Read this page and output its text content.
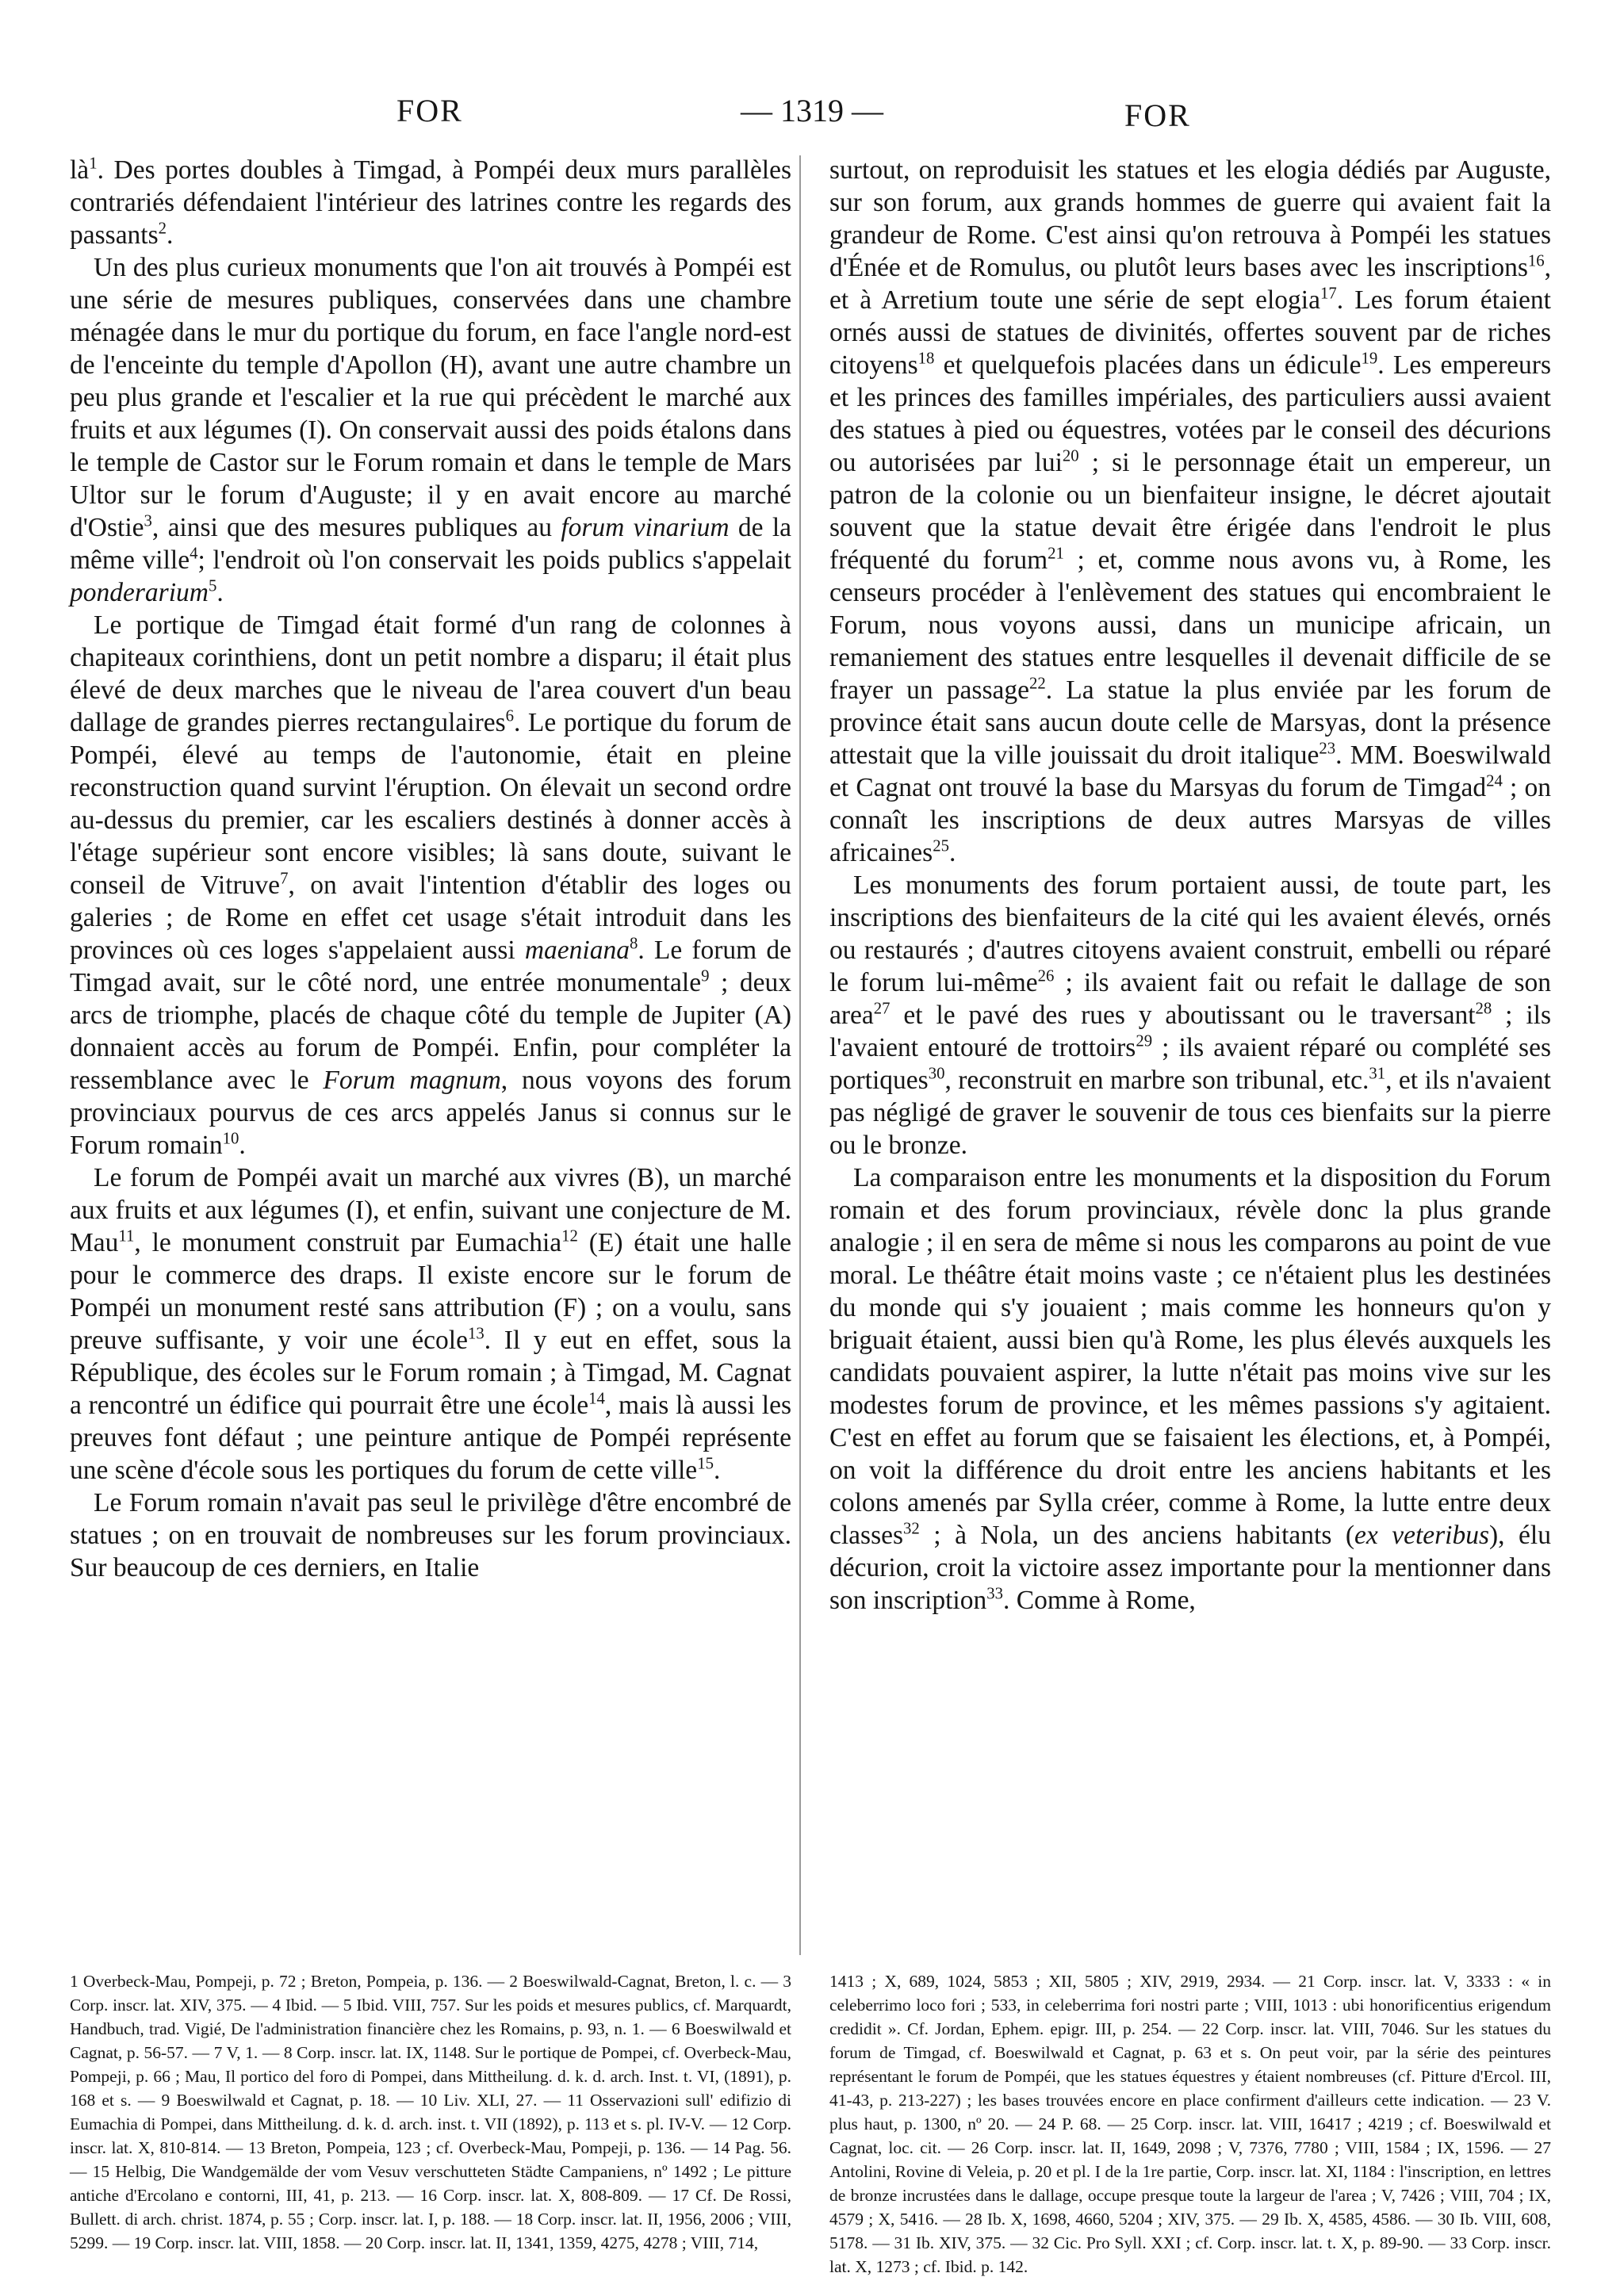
FOR	— 1319 —	FOR

$là^1$. Des portes doubles à Timgad, à Pompéi deux murs parallèles contrariés défendaient l'intérieur des latrines contre les regards des passants$^2$.

Un des plus curieux monuments que l'on ait trouvés à Pompéi est une série de mesures publiques, conservées dans une chambre ménagée dans le mur du portique du forum, en face l'angle nord-est de l'enceinte du temple d'Apollon (H), avant une autre chambre un peu plus grande et l'escalier et la rue qui précèdent le marché aux fruits et aux légumes (I). On conservait aussi des poids étalons dans le temple de Castor sur le Forum romain et dans le temple de Mars Ultor sur le forum d'Auguste; il y en avait encore au marché d'Ostie$^3$, ainsi que des mesures publiques au forum vinarium de la même ville$^4$; l'endroit où l'on conservait les poids publics s'appelait ponderarium$^5$.

Le portique de Timgad était formé d'un rang de colonnes à chapiteaux corinthiens, dont un petit nombre a disparu; il était plus élevé de deux marches que le niveau de l'area couvert d'un beau dallage de grandes pierres rectangulaires$^6$. Le portique du forum de Pompéi, élevé au temps de l'autonomie, était en pleine reconstruction quand survint l'éruption. On élevait un second ordre au-dessus du premier, car les escaliers destinés à donner accès à l'étage supérieur sont encore visibles; là sans doute, suivant le conseil de Vitruve$^7$, on avait l'intention d'établir des loges ou galeries ; de Rome en effet cet usage s'était introduit dans les provinces où ces loges s'appelaient aussi maeniana$^8$. Le forum de Timgad avait, sur le côté nord, une entrée monumentale$^9$ ; deux arcs de triomphe, placés de chaque côté du temple de Jupiter (A) donnaient accès au forum de Pompéi. Enfin, pour compléter la ressemblance avec le Forum magnum, nous voyons des forum provinciaux pourvus de ces arcs appelés Janus si connus sur le Forum romain$^{10}$.

Le forum de Pompéi avait un marché aux vivres (B), un marché aux fruits et aux légumes (I), et enfin, suivant une conjecture de M. Mau$^{11}$, le monument construit par Eumachia$^{12}$ (E) était une halle pour le commerce des draps. Il existe encore sur le forum de Pompéi un monument resté sans attribution (F) ; on a voulu, sans preuve suffisante, y voir une école$^{13}$. Il y eut en effet, sous la République, des écoles sur le Forum romain ; à Timgad, M. Cagnat a rencontré un édifice qui pourrait être une école$^{14}$, mais là aussi les preuves font défaut ; une peinture antique de Pompéi représente une scène d'école sous les portiques du forum de cette ville$^{15}$.

Le Forum romain n'avait pas seul le privilège d'être encombré de statues ; on en trouvait de nombreuses sur les forum provinciaux. Sur beaucoup de ces derniers, en Italie

surtout, on reproduisit les statues et les elogia dédiés par Auguste, sur son forum, aux grands hommes de guerre qui avaient fait la grandeur de Rome. C'est ainsi qu'on retrouva à Pompéi les statues d'Énée et de Romulus, ou plutôt leurs bases avec les inscriptions$^{16}$, et à Arretium toute une série de sept elogia$^{17}$. Les forum étaient ornés aussi de statues de divinités, offertes souvent par de riches citoyens$^{18}$ et quelquefois placées dans un édicule$^{19}$. Les empereurs et les princes des familles impériales, des particuliers aussi avaient des statues à pied ou équestres, votées par le conseil des décurions ou autorisées par lui$^{20}$ ; si le personnage était un empereur, un patron de la colonie ou un bienfaiteur insigne, le décret ajoutait souvent que la statue devait être érigée dans l'endroit le plus fréquenté du forum$^{21}$ ; et, comme nous avons vu, à Rome, les censeurs procéder à l'enlèvement des statues qui encombraient le Forum, nous voyons aussi, dans un municipe africain, un remaniement des statues entre lesquelles il devenait difficile de se frayer un passage$^{22}$. La statue la plus enviée par les forum de province était sans aucun doute celle de Marsyas, dont la présence attestait que la ville jouissait du droit italique$^{23}$. MM. Boeswilwald et Cagnat ont trouvé la base du Marsyas du forum de Timgad$^{24}$ ; on connaît les inscriptions de deux autres Marsyas de villes africaines$^{25}$.

Les monuments des forum portaient aussi, de toute part, les inscriptions des bienfaiteurs de la cité qui les avaient élevés, ornés ou restaurés ; d'autres citoyens avaient construit, embelli ou réparé le forum lui-même$^{26}$ ; ils avaient fait ou refait le dallage de son area$^{27}$ et le pavé des rues y aboutissant ou le traversant$^{28}$ ; ils l'avaient entouré de trottoirs$^{29}$ ; ils avaient réparé ou complété ses portiques$^{30}$, reconstruit en marbre son tribunal, etc.$^{31}$, et ils n'avaient pas négligé de graver le souvenir de tous ces bienfaits sur la pierre ou le bronze.

La comparaison entre les monuments et la disposition du Forum romain et des forum provinciaux, révèle donc la plus grande analogie ; il en sera de même si nous les comparons au point de vue moral. Le théâtre était moins vaste ; ce n'étaient plus les destinées du monde qui s'y jouaient ; mais comme les honneurs qu'on y briguait étaient, aussi bien qu'à Rome, les plus élevés auxquels les candidats pouvaient aspirer, la lutte n'était pas moins vive sur les modestes forum de province, et les mêmes passions s'y agitaient. C'est en effet au forum que se faisaient les élections, et, à Pompéi, on voit la différence du droit entre les anciens habitants et les colons amenés par Sylla créer, comme à Rome, la lutte entre deux classes$^{32}$ ; à Nola, un des anciens habitants (ex veteribus), élu décurion, croit la victoire assez importante pour la mentionner dans son inscription$^{33}$. Comme à Rome,

1 Overbeck-Mau, Pompeji, p. 72 ; Breton, Pompeia, p. 136. — 2 Boeswilwald-Cagnat, Breton, l. c. — 3 Corp. inscr. lat. XIV, 375. — 4 Ibid. — 5 Ibid. VIII, 757. Sur les poids et mesures publics, cf. Marquardt, Handbuch, trad. Vigié, De l'administration financière chez les Romains, p. 93, n. 1. — 6 Boeswilwald et Cagnat, p. 56-57. — 7 V, 1. — 8 Corp. inscr. lat. IX, 1148. Sur le portique de Pompei, cf. Overbeck-Mau, Pompeji, p. 66 ; Mau, Il portico del foro di Pompei, dans Mittheilung. d. k. d. arch. Inst. t. VI, (1891), p. 168 et s. — 9 Boeswilwald et Cagnat, p. 18. — 10 Liv. XLI, 27. — 11 Osservazioni sull' edifizio di Eumachia di Pompei, dans Mittheilung. d. k. d. arch. inst. t. VII (1892), p. 113 et s. pl. IV-V. — 12 Corp. inscr. lat. X, 810-814. — 13 Breton, Pompeia, 123 ; cf. Overbeck-Mau, Pompeji, p. 136. — 14 Pag. 56. — 15 Helbig, Die Wandgemälde der vom Vesuv verschutteten Städte Campaniens, nº 1492 ; Le pitture antiche d'Ercolano e contorni, III, 41, p. 213. — 16 Corp. inscr. lat. X, 808-809. — 17 Cf. De Rossi, Bullett. di arch. christ. 1874, p. 55 ; Corp. inscr. lat. I, p. 188. — 18 Corp. inscr. lat. II, 1956, 2006 ; VIII, 5299. — 19 Corp. inscr. lat. VIII, 1858. — 20 Corp. inscr. lat. II, 1341, 1359, 4275, 4278 ; VIII, 714,

1413 ; X, 689, 1024, 5853 ; XII, 5805 ; XIV, 2919, 2934. — 21 Corp. inscr. lat. V, 3333 : « in celeberrimo loco fori ; 533, in celeberrima fori nostri parte ; VIII, 1013 : ubi honorificentius erigendum credidit ». Cf. Jordan, Ephem. epigr. III, p. 254. — 22 Corp. inscr. lat. VIII, 7046. Sur les statues du forum de Timgad, cf. Boeswilwald et Cagnat, p. 63 et s. On peut voir, par la série des peintures représentant le forum de Pompéi, que les statues équestres y étaient nombreuses (cf. Pitture d'Ercol. III, 41-43, p. 213-227) ; les bases trouvées encore en place confirment d'ailleurs cette indication. — 23 V. plus haut, p. 1300, nº 20. — 24 P. 68. — 25 Corp. inscr. lat. VIII, 16417 ; 4219 ; cf. Boeswilwald et Cagnat, loc. cit. — 26 Corp. inscr. lat. II, 1649, 2098 ; V, 7376, 7780 ; VIII, 1584 ; IX, 1596. — 27 Antolini, Rovine di Veleia, p. 20 et pl. I de la 1re partie, Corp. inscr. lat. XI, 1184 : l'inscription, en lettres de bronze incrustées dans le dallage, occupe presque toute la largeur de l'area ; V, 7426 ; VIII, 704 ; IX, 4579 ; X, 5416. — 28 Ib. X, 1698, 4660, 5204 ; XIV, 375. — 29 Ib. X, 4585, 4586. — 30 Ib. VIII, 608, 5178. — 31 Ib. XIV, 375. — 32 Cic. Pro Syll. XXI ; cf. Corp. inscr. lat. t. X, p. 89-90. — 33 Corp. inscr. lat. X, 1273 ; cf. Ibid. p. 142.
